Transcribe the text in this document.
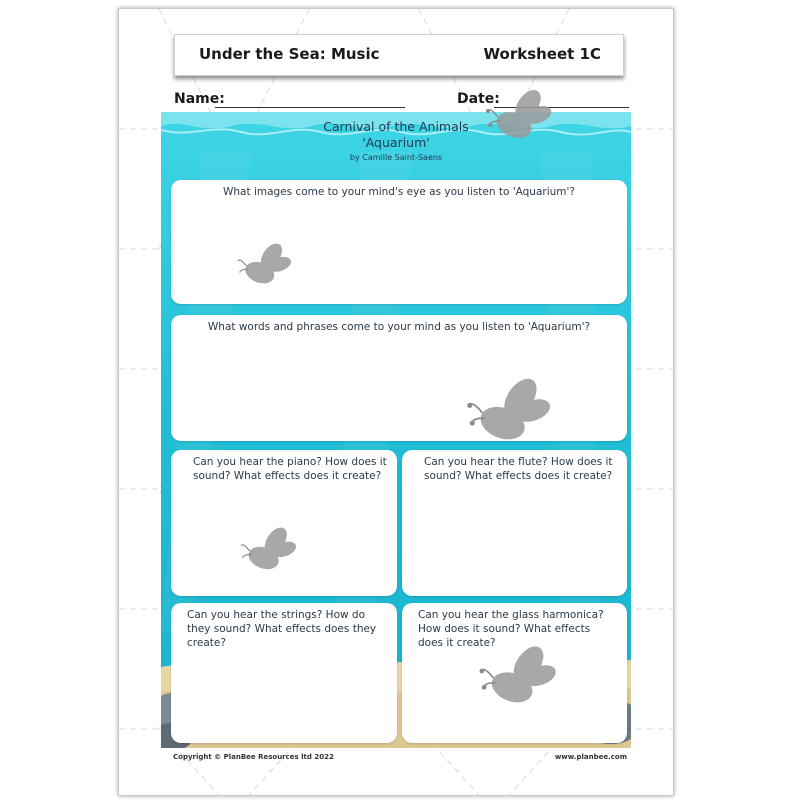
Under the Sea: Music	Worksheet 1C
Name:	Date:
Carnival of the Animals
'Aquarium'
by Camille Saint-Saens
What images come to your mind's eye as you listen to 'Aquarium'?
What words and phrases come to your mind as you listen to 'Aquarium'?
Can you hear the piano? How does it sound? What effects does it create?
Can you hear the flute? How does it sound? What effects does it create?
Can you hear the strings? How do they sound? What effects does they create?
Can you hear the glass harmonica? How does it sound? What effects does it create?
Copyright © PlanBee Resources ltd 2022	www.planbee.com
